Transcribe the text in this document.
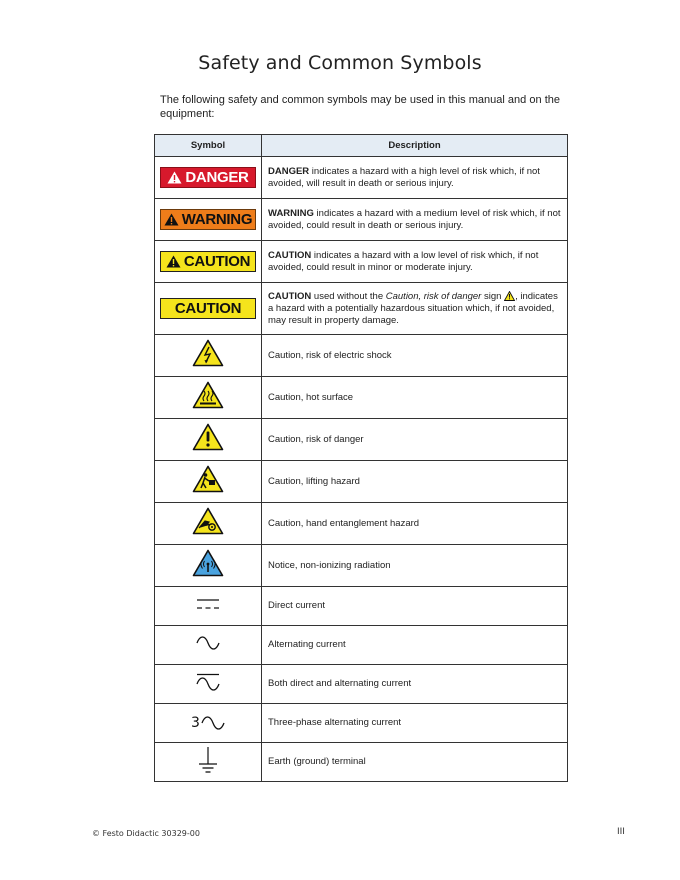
Safety and Common Symbols
The following safety and common symbols may be used in this manual and on the equipment:
Symbol	Description

DANGER	DANGER indicates a hazard with a high level of risk which, if not avoided, will result in death or serious injury.

WARNING	WARNING indicates a hazard with a medium level of risk which, if not avoided, could result in death or serious injury.

CAUTION	CAUTION indicates a hazard with a low level of risk which, if not avoided, could result in minor or moderate injury.

CAUTION	CAUTION used without the Caution, risk of danger sign , indicates a hazard with a potentially hazardous situation which, if not avoided, may result in property damage.
	Caution, risk of electric shock
	Caution, hot surface
	Caution, risk of danger
	Caution, lifting hazard
	Caution, hand entanglement hazard
	Notice, non-ionizing radiation
	Direct current
	Alternating current
	Both direct and alternating current

3	Three-phase alternating current
	Earth (ground) terminal
© Festo Didactic 30329-00	III
